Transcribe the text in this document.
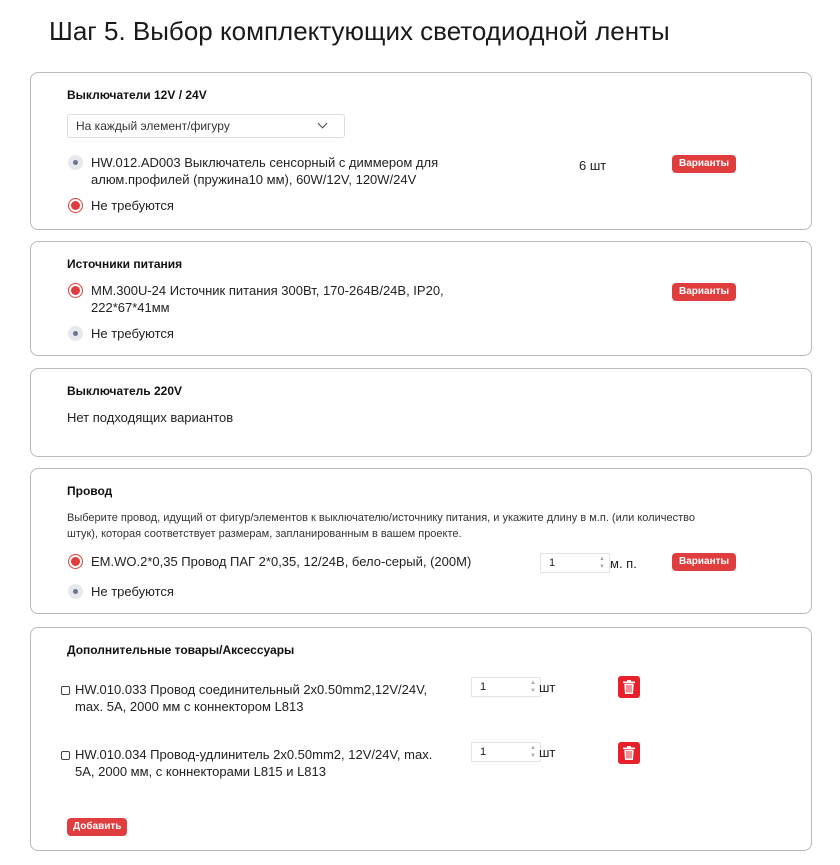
Шаг 5. Выбор комплектующих светодиодной ленты
Выключатели 12V / 24V
На каждый элемент/фигуру
HW.012.AD003 Выключатель сенсорный с диммером для
алюм.профилей (пружина10 мм), 60W/12V, 120W/24V
6 шт	Варианты
Не требуются
Источники питания
MM.300U-24 Источник питания 300Вт, 170-264В/24В, IP20,
222*67*41мм
Варианты
Не требуются
Выключатель 220V
Нет подходящих вариантов
Провод
Выберите провод, идущий от фигур/элементов к выключателю/источнику питания, и укажите длину в м.п. (или количество
штук), которая соответствует размерам, запланированным в вашем проекте.
EM.WO.2*0,35 Провод ПАГ 2*0,35, 12/24В, бело-серый, (200М)	1	▲
▼ м. п.	Варианты
Не требуются
Дополнительные товары/Аксессуары
HW.010.033 Провод соединительный 2x0.50mm2,12V/24V,
max. 5A, 2000 мм с коннектором L813
1	▲
▼ шт
HW.010.034 Провод-удлинитель 2x0.50mm2, 12V/24V, max.
5A, 2000 мм, с коннекторами L815 и L813
1	▲
▼ шт
Добавить
